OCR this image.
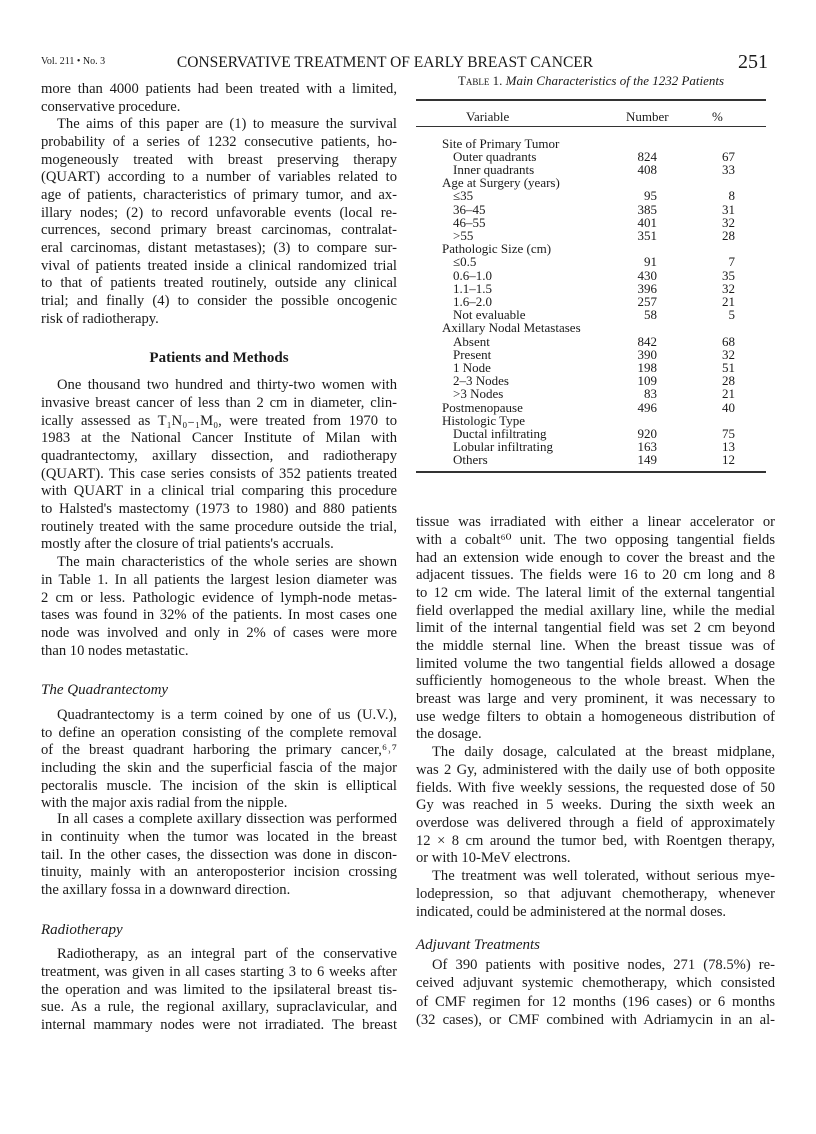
Vol. 211 • No. 3	CONSERVATIVE TREATMENT OF EARLY BREAST CANCER	251
Table 1. Main Characteristics of the 1232 Patients
Variable	Number	%
Site of Primary Tumor
Outer quadrants	824	67
Inner quadrants	408	33
Age at Surgery (years)
≤35	95	8
36–45	385	31
46–55	401	32
>55	351	28
Pathologic Size (cm)
≤0.5	91	7
0.6–1.0	430	35
1.1–1.5	396	32
1.6–2.0	257	21
Not evaluable	58	5
Axillary Nodal Metastases
Absent	842	68
Present	390	32
1 Node	198	51
2–3 Nodes	109	28
>3 Nodes	83	21
Postmenopause	496	40
Histologic Type
Ductal infiltrating	920	75
Lobular infiltrating	163	13
Others	149	12
Patients and Methods
The Quadrantectomy
Radiotherapy
Adjuvant Treatments
more than 4000 patients had been treated with a limited,
conservative procedure.
The aims of this paper are (1) to measure the survival
probability of a series of 1232 consecutive patients, ho-
mogeneously treated with breast preserving therapy
(QUART) according to a number of variables related to
age of patients, characteristics of primary tumor, and ax-
illary nodes; (2) to record unfavorable events (local re-
currences, second primary breast carcinomas, contralat-
eral carcinomas, distant metastases); (3) to compare sur-
vival of patients treated inside a clinical randomized trial
to that of patients treated routinely, outside any clinical
trial; and finally (4) to consider the possible oncogenic
risk of radiotherapy.
One thousand two hundred and thirty-two women with
invasive breast cancer of less than 2 cm in diameter, clin-
ically assessed as T₁N₀₋₁M₀, were treated from 1970 to
1983 at the National Cancer Institute of Milan with
quadrantectomy, axillary dissection, and radiotherapy
(QUART). This case series consists of 352 patients treated
with QUART in a clinical trial comparing this procedure
to Halsted's mastectomy (1973 to 1980) and 880 patients
routinely treated with the same procedure outside the trial,
mostly after the closure of trial patients's accruals.
The main characteristics of the whole series are shown
in Table 1. In all patients the largest lesion diameter was
2 cm or less. Pathologic evidence of lymph-node metas-
tases was found in 32% of the patients. In most cases one
node was involved and only in 2% of cases were more
than 10 nodes metastatic.
Quadrantectomy is a term coined by one of us (U.V.),
to define an operation consisting of the complete removal
of the breast quadrant harboring the primary cancer,⁶˒⁷
including the skin and the superficial fascia of the major
pectoralis muscle. The incision of the skin is elliptical
with the major axis radial from the nipple.
In all cases a complete axillary dissection was performed
in continuity when the tumor was located in the breast
tail. In the other cases, the dissection was done in discon-
tinuity, mainly with an anteroposterior incision crossing
the axillary fossa in a downward direction.
Radiotherapy, as an integral part of the conservative
treatment, was given in all cases starting 3 to 6 weeks after
the operation and was limited to the ipsilateral breast tis-
sue. As a rule, the regional axillary, supraclavicular, and
internal mammary nodes were not irradiated. The breast
tissue was irradiated with either a linear accelerator or
with a cobalt⁶⁰ unit. The two opposing tangential fields
had an extension wide enough to cover the breast and the
adjacent tissues. The fields were 16 to 20 cm long and 8
to 12 cm wide. The lateral limit of the external tangential
field overlapped the medial axillary line, while the medial
limit of the internal tangential field was set 2 cm beyond
the middle sternal line. When the breast tissue was of
limited volume the two tangential fields allowed a dosage
sufficiently homogeneous to the whole breast. When the
breast was large and very prominent, it was necessary to
use wedge filters to obtain a homogeneous distribution of
the dosage.
The daily dosage, calculated at the breast midplane,
was 2 Gy, administered with the daily use of both opposite
fields. With five weekly sessions, the requested dose of 50
Gy was reached in 5 weeks. During the sixth week an
overdose was delivered through a field of approximately
12 × 8 cm around the tumor bed, with Roentgen therapy,
or with 10-MeV electrons.
The treatment was well tolerated, without serious mye-
lodepression, so that adjuvant chemotherapy, whenever
indicated, could be administered at the normal doses.
Of 390 patients with positive nodes, 271 (78.5%) re-
ceived adjuvant systemic chemotherapy, which consisted
of CMF regimen for 12 months (196 cases) or 6 months
(32 cases), or CMF combined with Adriamycin in an al-
